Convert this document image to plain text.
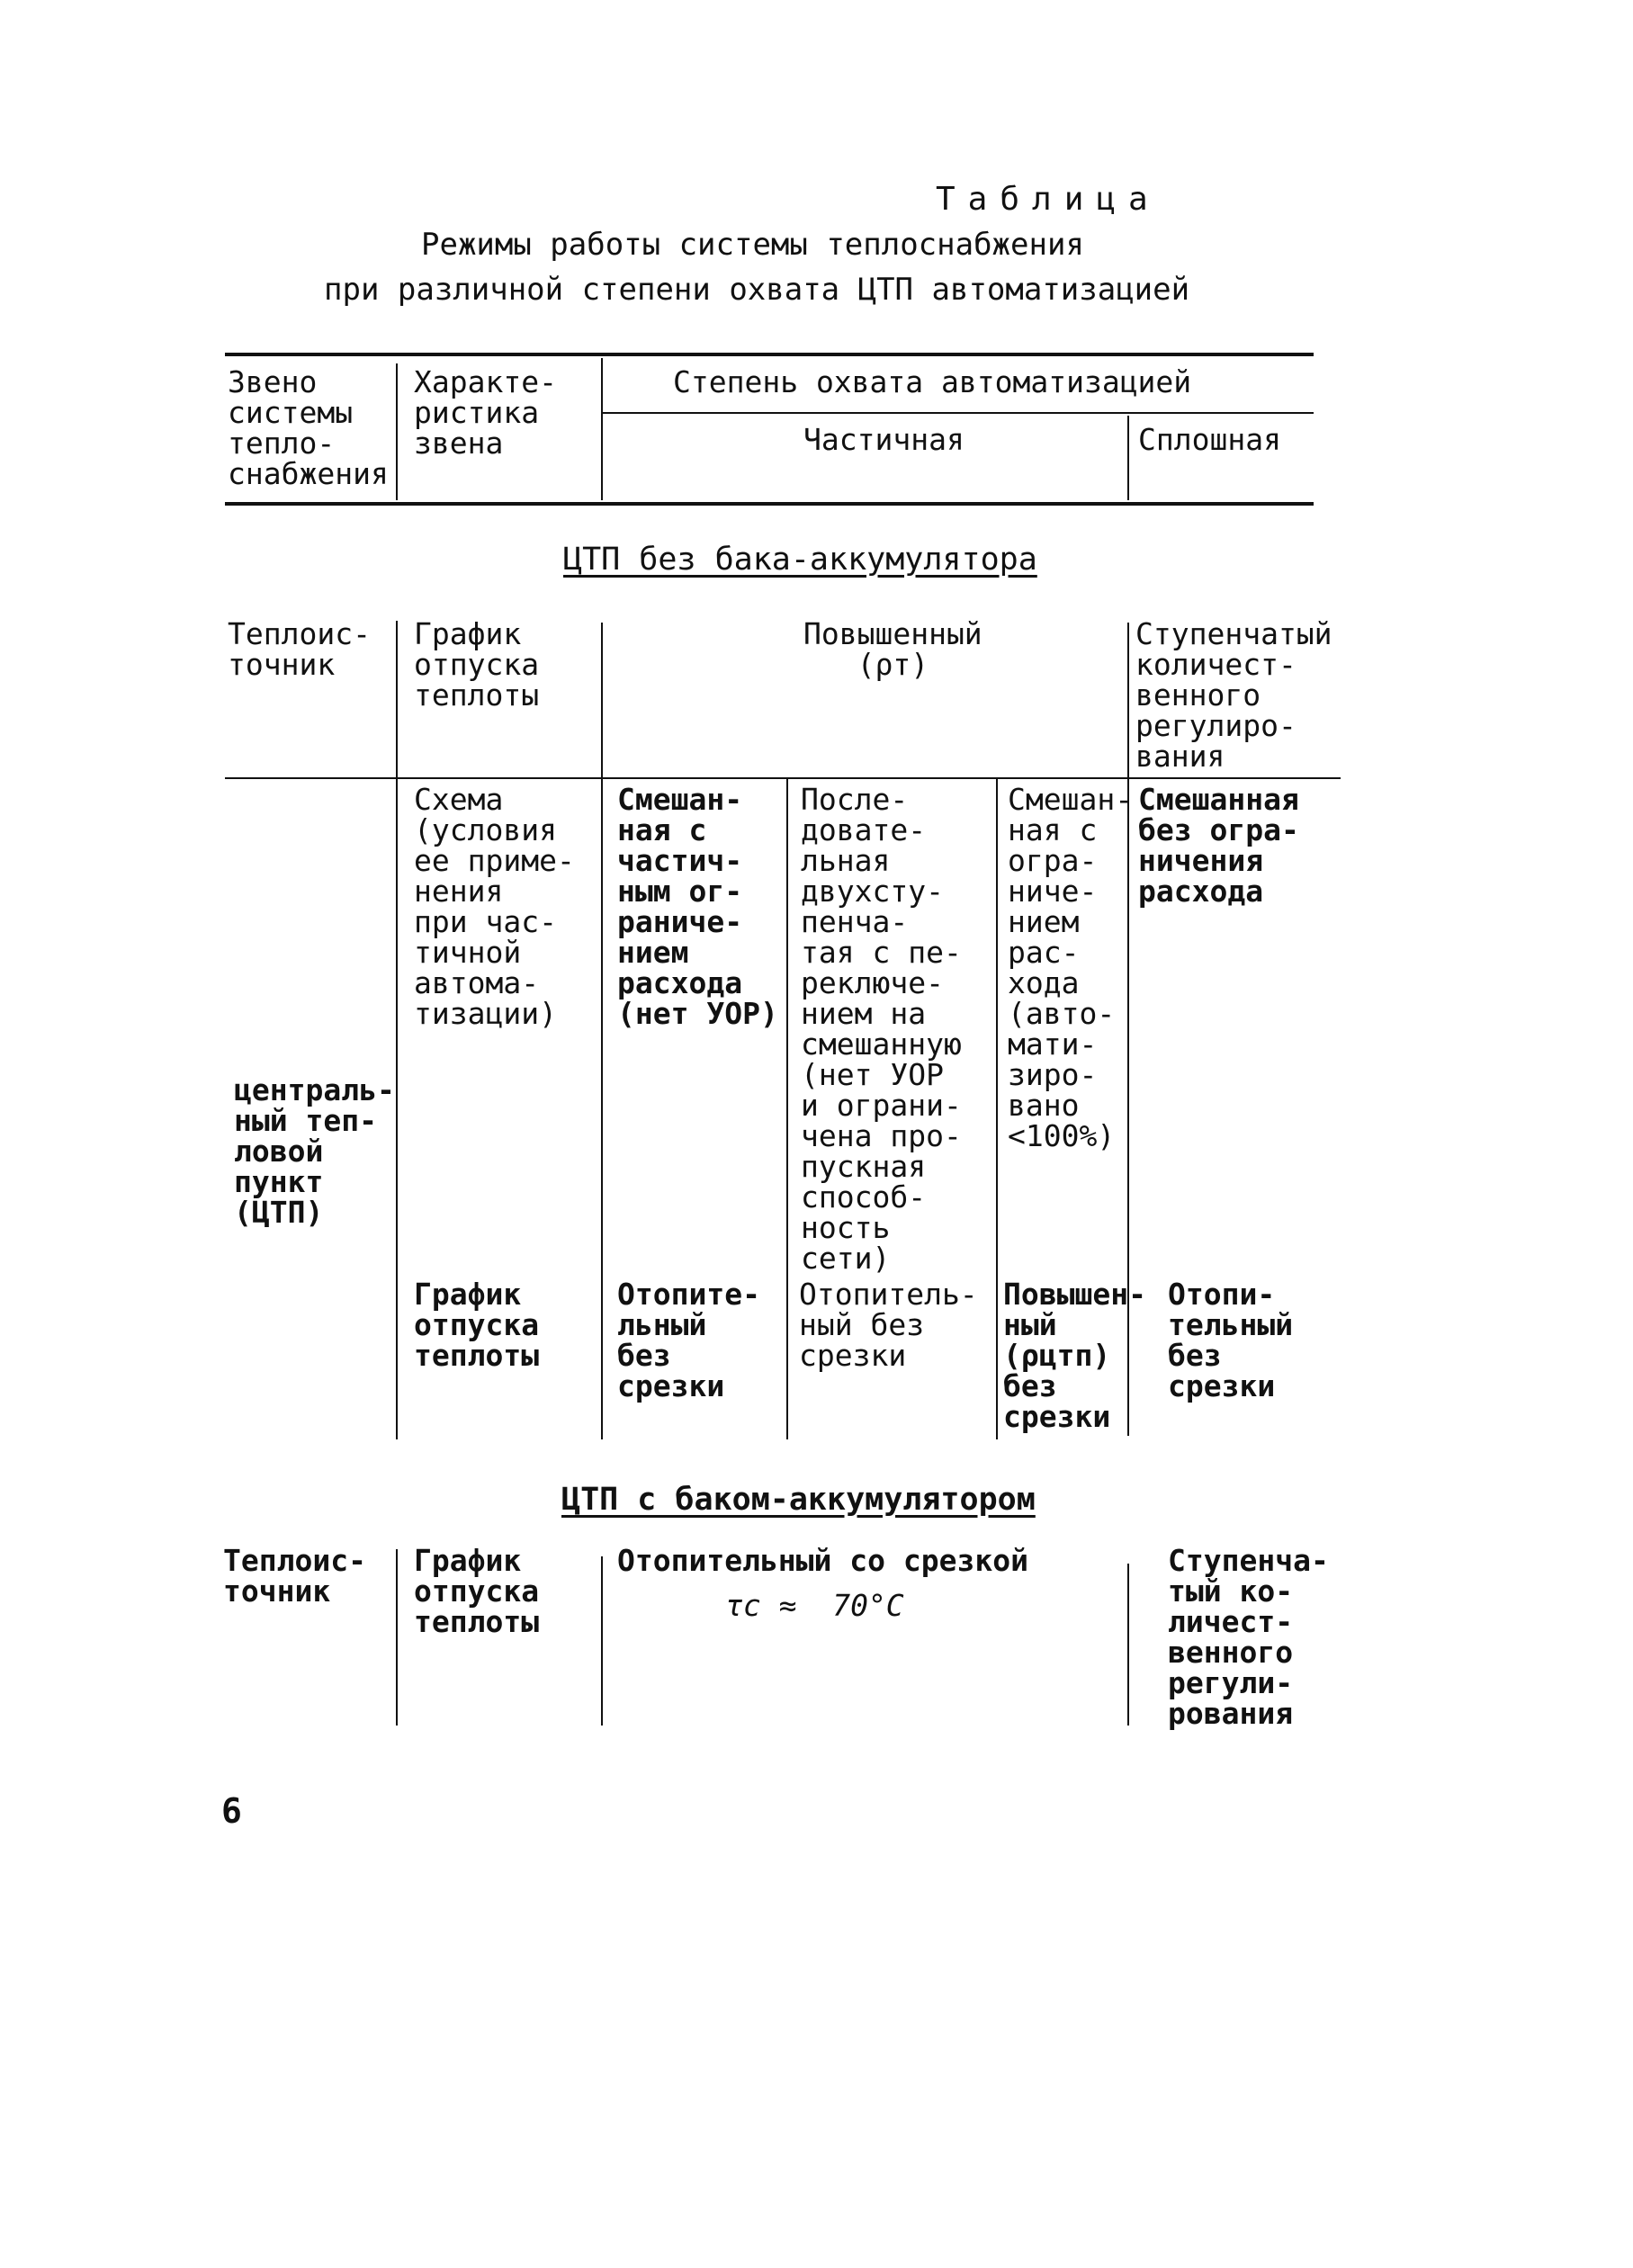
Таблица
Режимы работы системы теплоснабжения
при различной степени охвата ЦТП автоматизацией
Звено
системы
тепло-
снабжения
Характе-
ристика
звена
Степень охвата автоматизацией
Частичная	Сплошная
ЦТП без бака-аккумулятора
Теплоис-
точник
График
отпуска
теплоты
Повышенный
(ρт)
Ступенчатый
количест-
венного
регулиро-
вания
централь-
ный теп-
ловой
пункт
(ЦТП)
Схема
(условия
ее приме-
нения
при час-
тичной
автома-
тизации)
Смешан-
ная с
частич-
ным ог-
раниче-
нием
расхода
(нет УОР)
После-
довате-
льная
двухсту-
пенча-
тая с пе-
реключе-
нием на
смешанную
(нет УОР
и ограни-
чена про-
пускная
способ-
ность
сети)
Смешан-
ная с
огра-
ниче-
нием
рас-
хода
(авто-
мати-
зиро-
вано
<100%)
Смешанная
без огра-
ничения
расхода
График
отпуска
теплоты
Отопите-
льный
без
срезки
Отопитель-
ный без
срезки
Повышен-
ный
(ρцтп)
без
срезки
Отопи-
тельный
без
срезки
ЦТП с баком-аккумулятором
Теплоис-
точник
График
отпуска
теплоты
Отопительный со срезкой
τc ≈  70°C
Ступенча-
тый ко-
личест-
венного
регули-
рования
6
